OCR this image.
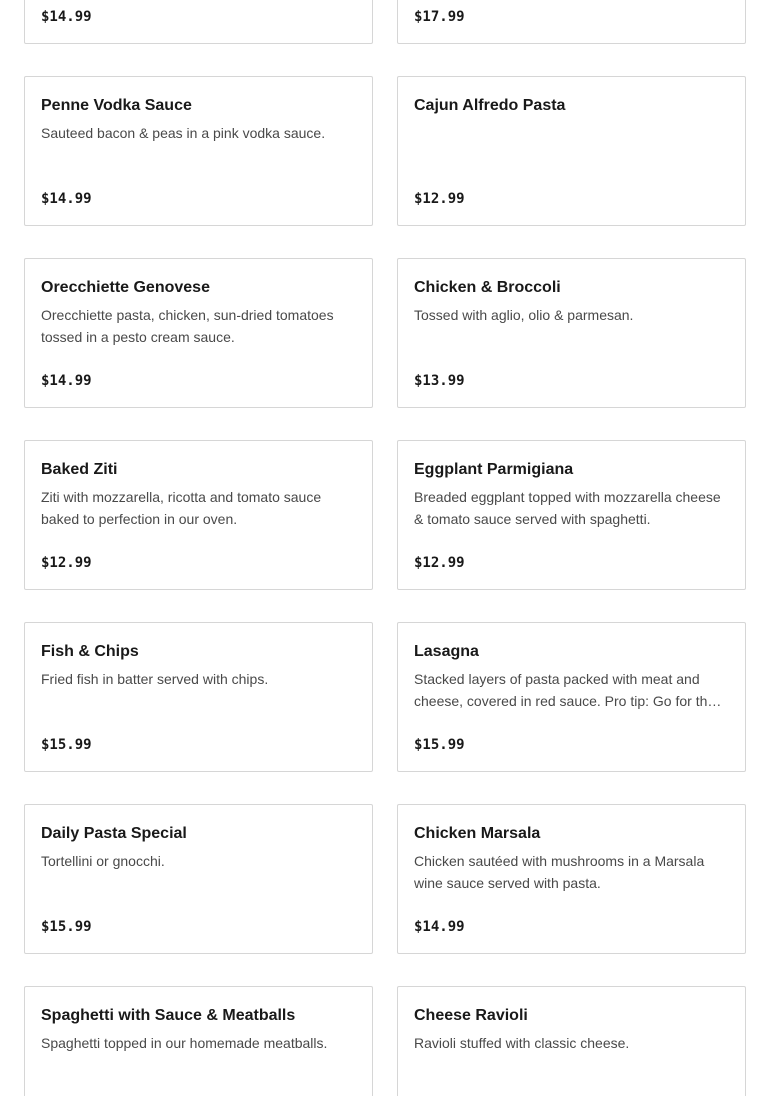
$14.99	$17.99
Penne Vodka Sauce
Sauteed bacon & peas in a pink vodka sauce.
$14.99
Cajun Alfredo Pasta
$12.99
Orecchiette Genovese
Orecchiette pasta, chicken, sun-dried tomatoes tossed in a pesto cream sauce.
$14.99
Chicken & Broccoli
Tossed with aglio, olio & parmesan.
$13.99
Baked Ziti
Ziti with mozzarella, ricotta and tomato sauce baked to perfection in our oven.
$12.99
Eggplant Parmigiana
Breaded eggplant topped with mozzarella cheese & tomato sauce served with spaghetti.
$12.99
Fish & Chips
Fried fish in batter served with chips.
$15.99
Lasagna
Stacked layers of pasta packed with meat and cheese, covered in red sauce. Pro tip: Go for th…
$15.99
Daily Pasta Special
Tortellini or gnocchi.
$15.99
Chicken Marsala
Chicken sautéed with mushrooms in a Marsala wine sauce served with pasta.
$14.99
Spaghetti with Sauce & Meatballs
Spaghetti topped in our homemade meatballs.
Cheese Ravioli
Ravioli stuffed with classic cheese.
